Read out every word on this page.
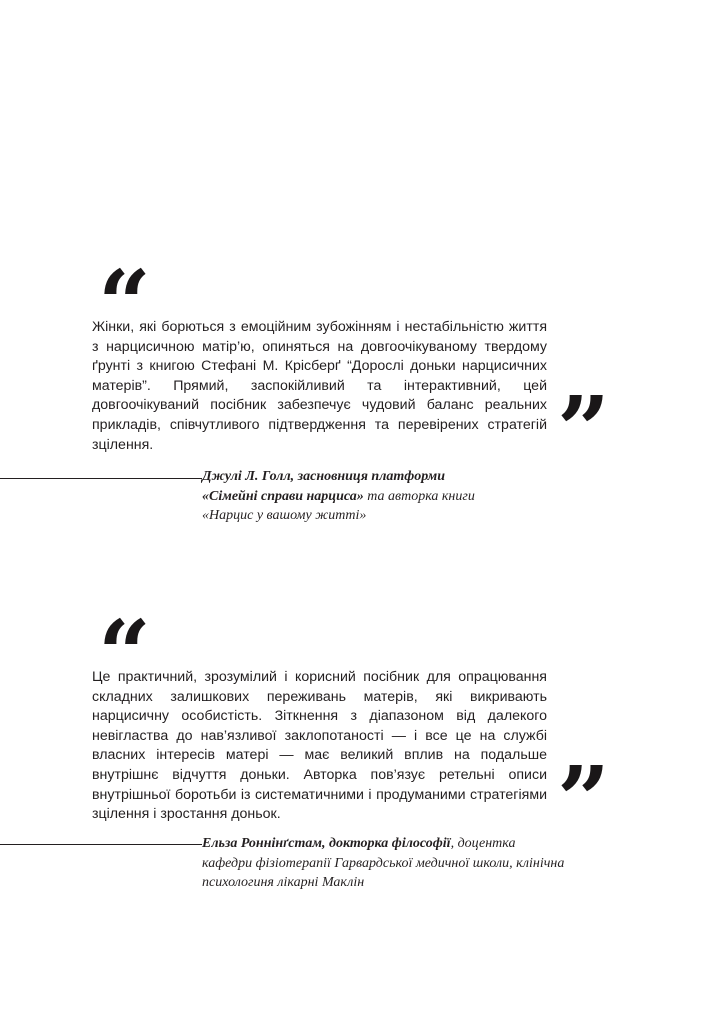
“

Жінки, які борються з емоційним зубожінням і нестабільністю життя з нарцисичною матір’ю, опиняться на довгоочікуваному твердому ґрунті з книгою Стефані М. Крісберґ “Дорослі доньки нарцисичних матерів”. Прямий, заспокійливий та інтерактивний, цей довгоочікуваний посібник забезпечує чудовий баланс реальних прикладів, співчутливого підтвердження та перевірених стратегій зцілення.	”

Джулі Л. Голл, засновниця платформи
«Сімейні справи нарциса» та авторка книги
«Нарцис у вашому житті»

“

Це практичний, зрозумілий і корисний посібник для опрацювання складних залишкових переживань матерів, які викривають нарцисичну особистість. Зіткнення з діапазоном від далекого невігластва до нав’язливої заклопотаності — і все це на службі власних інтересів матері — має великий вплив на подальше внутрішнє відчуття доньки. Авторка пов’язує ретельні описи внутрішньої боротьби із систематичними і продуманими стратегіями зцілення і зростання доньок.	”

Ельза Роннінґстам, докторка філософії, доцентка
кафедри фізіотерапії Гарвардської медичної школи, клінічна
психологиня лікарні Маклін
